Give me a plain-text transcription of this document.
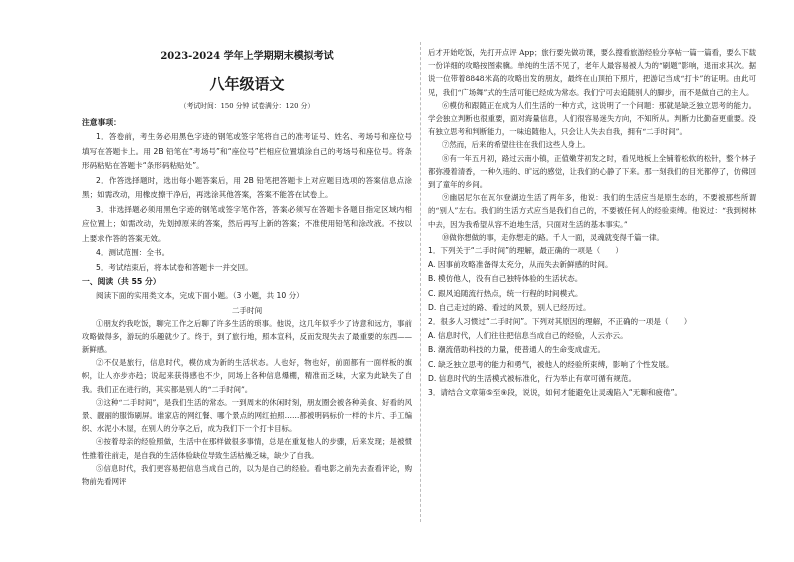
2023-2024 学年上学期期末模拟考试
八年级语文
（考试时间：150 分钟 试卷满分：120 分）
注意事项：

1．答卷前，考生务必用黑色字迹的钢笔或签字笔将自己的准考证号、姓名、考场号和座位号填写在答题卡上。用 2B 铅笔在“考场号”和“座位号”栏相应位置填涂自己的考场号和座位号。将条形码粘贴在答题卡“条形码粘贴处”。

2．作答选择题时，选出每小题答案后，用 2B 铅笔把答题卡上对应题目选项的答案信息点涂黑；如需改动，用橡皮擦干净后，再选涂其他答案，答案不能答在试卷上。

3．非选择题必须用黑色字迹的钢笔或签字笔作答，答案必须写在答题卡各题目指定区域内相应位置上；如需改动，先划掉原来的答案，然后再写上新的答案；不准使用铅笔和涂改液。不按以上要求作答的答案无效。

4．测试范围：全书。

5．考试结束后，将本试卷和答题卡一并交回。

一、阅读（共 55 分）

阅读下面的实用类文本，完成下面小题。（3 小题，共 10 分）

二手时间

①朋友约我吃饭，聊完工作之后聊了许多生活的琐事。他说，这几年似乎少了诗意和远方，事前攻略做得多，游玩的乐趣就少了。终于，到了旅行地，照本宣科，反而发现失去了最重要的东西——新鲜感。

②不仅是旅行，信息时代，模仿成为新的生活状态。人也好，物也好，前面都有一面样板的旗帜，让人亦步亦趋；说起来获得感也不少，同场上各种信息爆棚，精准而乏味，大家为此缺失了自我。我们正在进行的，其实都是别人的“二手时间”。

③这种“二手时间”，是我们生活的常态。一到周末的休闲时刻，朋友圈会被各种美食、好看的风景、靓丽的服饰刷屏。谁家店的网红餐、哪个景点的网红拍照……都被明码标价一样的卡片、手工编织、水泥小木屋，在别人的分享之后，成为我们下一个打卡目标。

④按着母亲的经验照做，生活中在那样做很多事情，总是在重复他人的步骤，后来发现；是被惯性推着往前走，是自我的生活体验缺位导致生活枯燥乏味，缺少了自我。

⑤信息时代，我们更容易把信息当成自己的，以为是自己的经验。看电影之前先去查看评论，购物前先看网评

后才开始吃饭，先打开点评 App；旅行要先做功课，要么搜看旅游经验分享帖一篇一篇看，要么下载一份详细的攻略按图索骥。单纯的生活不见了，老年人最容易被人为的“刷题”影响，退而求其次。据说一位带着8848米高的攻略出发的朋友，最终在山顶拍下照片，把游记当成“打卡”的证明。由此可见，我们“广场舞”式的生活可能已经成为常态。我们宁可去追随别人的脚步，而不是做自己的主人。

⑥模仿和跟随正在成为人们生活的一种方式，这说明了一个问题：那就是缺乏独立思考的能力。学会独立判断也很重要，面对海量信息，人们很容易迷失方向，不知所从。判断力比勤奋更重要。没有独立思考和判断能力，一味追随他人，只会让人失去自我，拥有“二手时间”。

⑦然而，后来的希望往往在我们这些人身上。

⑧有一年五月初，路过云南小镇，正值嫩芽初发之时，看见地板上全铺着松软的松针，整个林子都弥漫着清香，一种久违的、旷远的感觉，让我们的心静了下来。那一刻我们的目光都停了，仿佛回到了童年的乡间。

⑨幽居尼尔在瓦尔登湖边生活了两年多，他说：我们的生活应当是原生态的，不要被那些所谓的“别人”左右。我们的生活方式应当是我们自己的，不要被任何人的经验束缚。他说过：“我到树林中去，因为我希望从容不迫地生活，只面对生活的基本事实。”

⑩做你想做的事，走你想走的路。千人一面，灵魂就变得千篇一律。

1．下列关于“二手时间”的理解，最正确的一项是（　　）

A. 因事前攻略准备得太充分，从而失去新鲜感的时间。

B. 模仿他人，没有自己独特体验的生活状态。

C. 跟风追随流行热点，统一行程的时间模式。

D. 自己走过的路、看过的风景，别人已经历过。

2．很多人习惯过“二手时间”。下列对其原因的理解，不正确的一项是（　　）

A. 信息时代，人们往往把信息当成自己的经验，人云亦云。

B. 潮流借助科技的力量，使普通人的生命变成虚无。

C. 缺乏独立思考的能力和勇气，被他人的经验所束缚，影响了个性发展。

D. 信息时代的生活模式被标准化，行为举止有章可循有规范。

3．请结合文章第⑤至⑨段，说说，如何才能避免让灵魂陷入“无聊和疲倦”。
